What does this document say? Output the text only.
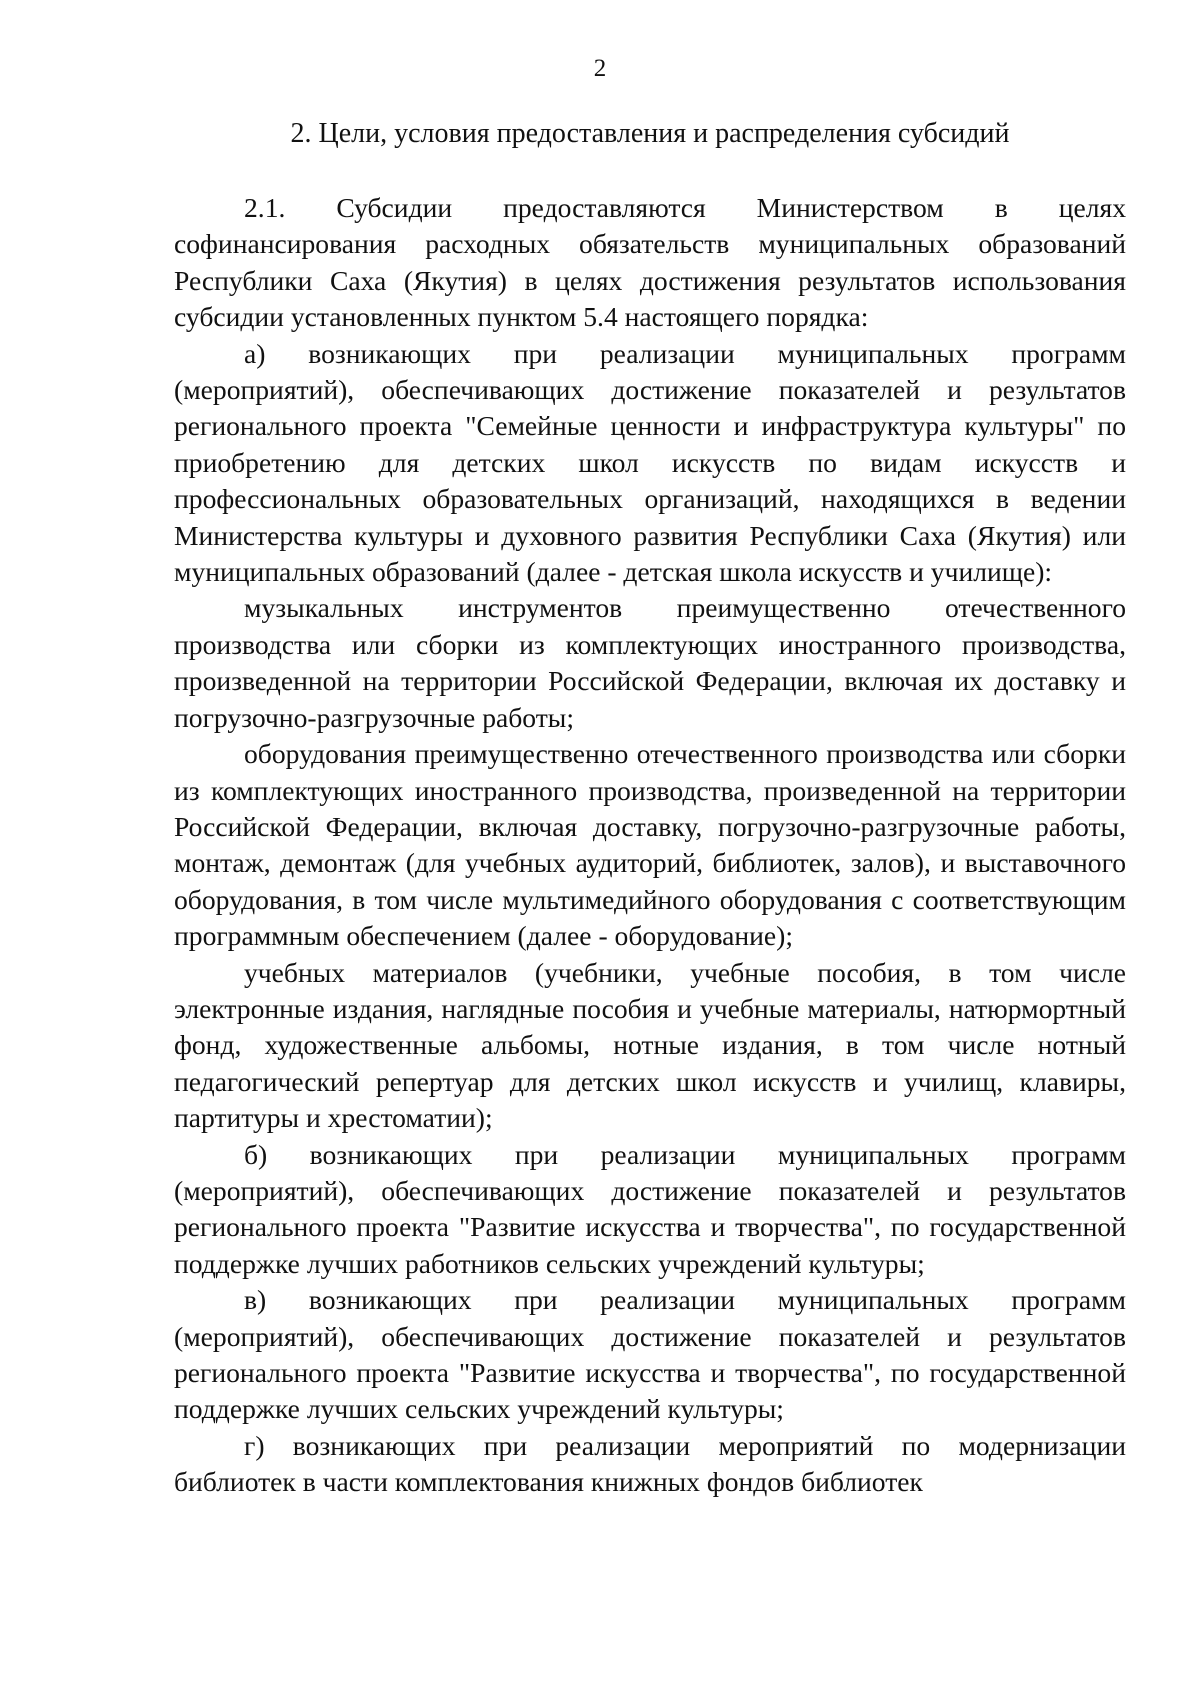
2
2. Цели, условия предоставления и распределения субсидий

2.1. Субсидии предоставляются Министерством в целях софинансирования расходных обязательств муниципальных образований Республики Саха (Якутия) в целях достижения результатов использования субсидии установленных пунктом 5.4 настоящего порядка:

а) возникающих при реализации муниципальных программ (мероприятий), обеспечивающих достижение показателей и результатов регионального проекта "Семейные ценности и инфраструктура культуры" по приобретению для детских школ искусств по видам искусств и профессиональных образовательных организаций, находящихся в ведении Министерства культуры и духовного развития Республики Саха (Якутия) или муниципальных образований (далее - детская школа искусств и училище):

музыкальных инструментов преимущественно отечественного производства или сборки из комплектующих иностранного производства, произведенной на территории Российской Федерации, включая их доставку и погрузочно-разгрузочные работы;

оборудования преимущественно отечественного производства или сборки из комплектующих иностранного производства, произведенной на территории Российской Федерации, включая доставку, погрузочно-разгрузочные работы, монтаж, демонтаж (для учебных аудиторий, библиотек, залов), и выставочного оборудования, в том числе мультимедийного оборудования с соответствующим программным обеспечением (далее - оборудование);

учебных материалов (учебники, учебные пособия, в том числе электронные издания, наглядные пособия и учебные материалы, натюрмортный фонд, художественные альбомы, нотные издания, в том числе нотный педагогический репертуар для детских школ искусств и училищ, клавиры, партитуры и хрестоматии);

б) возникающих при реализации муниципальных программ (мероприятий), обеспечивающих достижение показателей и результатов регионального проекта "Развитие искусства и творчества", по государственной поддержке лучших работников сельских учреждений культуры;

в) возникающих при реализации муниципальных программ (мероприятий), обеспечивающих достижение показателей и результатов регионального проекта "Развитие искусства и творчества", по государственной поддержке лучших сельских учреждений культуры;

г) возникающих при реализации мероприятий по модернизации библиотек в части комплектования книжных фондов библиотек
